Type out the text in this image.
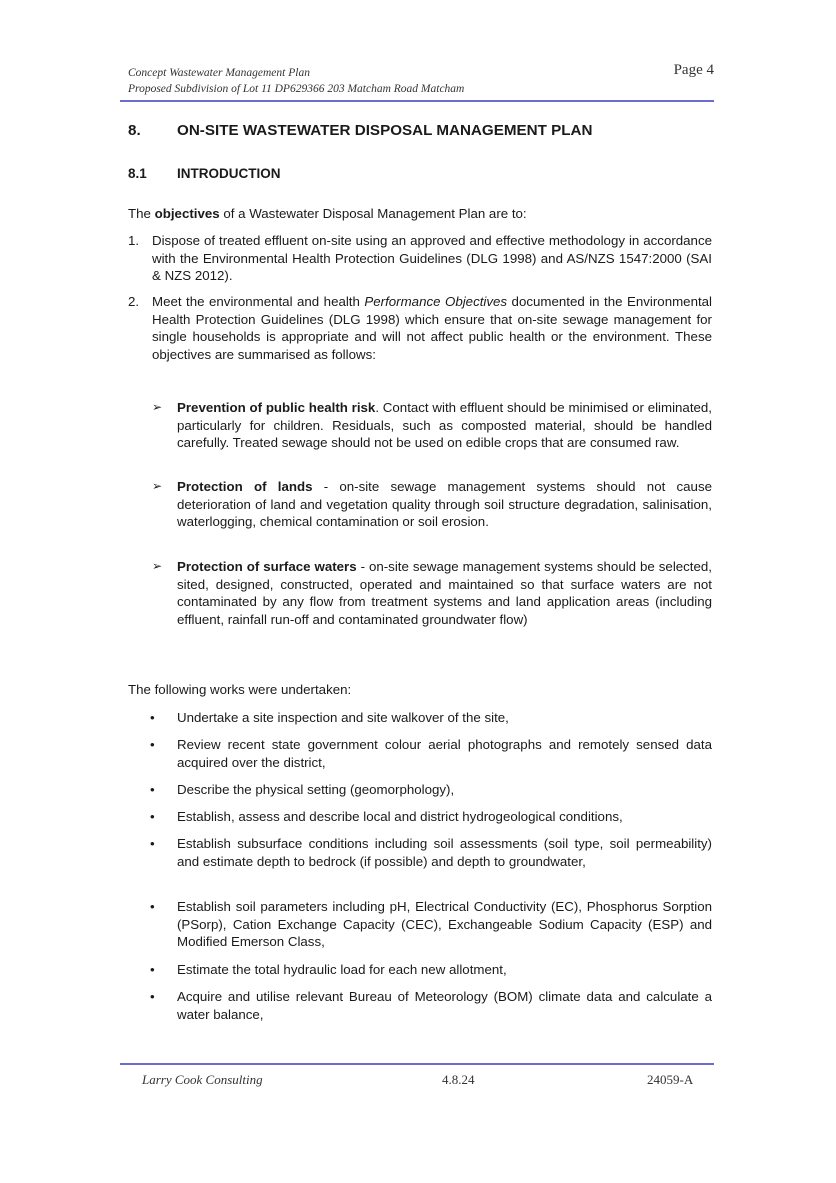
Concept Wastewater Management Plan
Proposed Subdivision of Lot 11 DP629366 203 Matcham Road Matcham
Page 4
8. ON-SITE WASTEWATER DISPOSAL MANAGEMENT PLAN
8.1 INTRODUCTION
The objectives of a Wastewater Disposal Management Plan are to:
1. Dispose of treated effluent on-site using an approved and effective methodology in accordance with the Environmental Health Protection Guidelines (DLG 1998) and AS/NZS 1547:2000 (SAI & NZS 2012).
2. Meet the environmental and health Performance Objectives documented in the Environmental Health Protection Guidelines (DLG 1998) which ensure that on-site sewage management for single households is appropriate and will not affect public health or the environment. These objectives are summarised as follows:
➢ Prevention of public health risk. Contact with effluent should be minimised or eliminated, particularly for children. Residuals, such as composted material, should be handled carefully. Treated sewage should not be used on edible crops that are consumed raw.
➢ Protection of lands - on-site sewage management systems should not cause deterioration of land and vegetation quality through soil structure degradation, salinisation, waterlogging, chemical contamination or soil erosion.
➢ Protection of surface waters - on-site sewage management systems should be selected, sited, designed, constructed, operated and maintained so that surface waters are not contaminated by any flow from treatment systems and land application areas (including effluent, rainfall run-off and contaminated groundwater flow)
The following works were undertaken:
• Undertake a site inspection and site walkover of the site,
• Review recent state government colour aerial photographs and remotely sensed data acquired over the district,
• Describe the physical setting (geomorphology),
• Establish, assess and describe local and district hydrogeological conditions,
• Establish subsurface conditions including soil assessments (soil type, soil permeability) and estimate depth to bedrock (if possible) and depth to groundwater,
• Establish soil parameters including pH, Electrical Conductivity (EC), Phosphorus Sorption (PSorp), Cation Exchange Capacity (CEC), Exchangeable Sodium Capacity (ESP) and Modified Emerson Class,
• Estimate the total hydraulic load for each new allotment,
• Acquire and utilise relevant Bureau of Meteorology (BOM) climate data and calculate a water balance,
Larry Cook Consulting	4.8.24	24059-A
